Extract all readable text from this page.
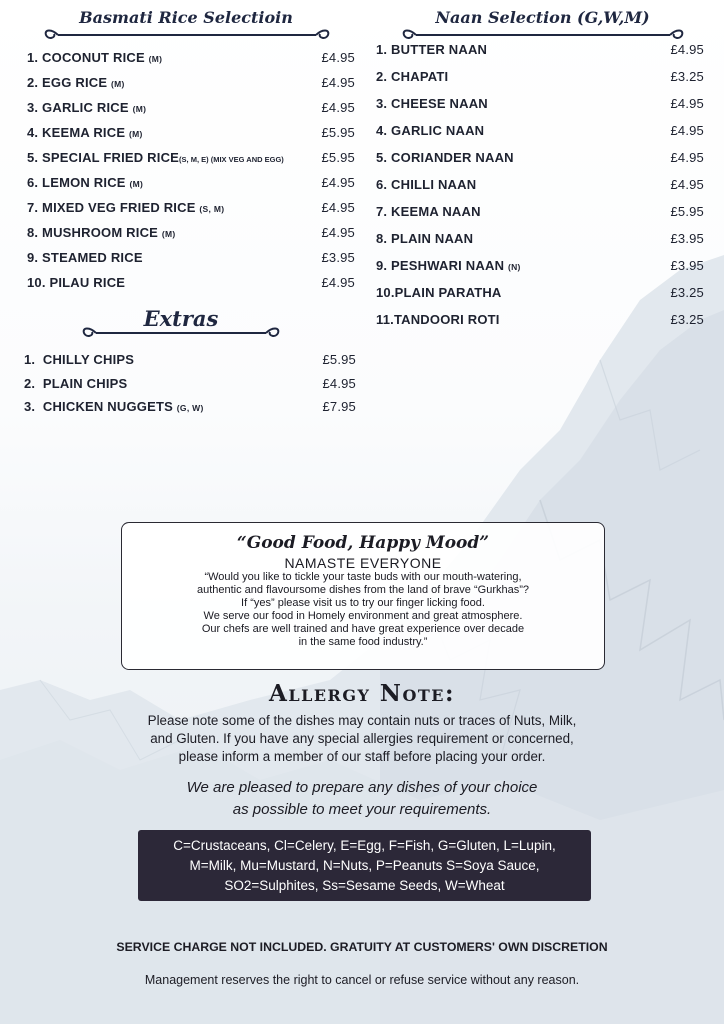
Basmati Rice Selectioin
1. COCONUT RICE (M)	£4.95
2. EGG RICE (M)	£4.95
3. GARLIC RICE (M)	£4.95
4. KEEMA RICE (M)	£5.95
5. SPECIAL FRIED RICE(S, M, E) (MIX VEG AND EGG)	£5.95
6. LEMON RICE (M)	£4.95
7. MIXED VEG FRIED RICE (S, M)	£4.95
8. MUSHROOM RICE (M)	£4.95
9. STEAMED RICE	£3.95
10. PILAU RICE	£4.95
Extras
1.  CHILLY CHIPS	£5.95
2.  PLAIN CHIPS	£4.95
3.  CHICKEN NUGGETS (G, W)	£7.95
Naan Selection (G,W,M)
1. BUTTER NAAN	£4.95
2. CHAPATI	£3.25
3. CHEESE NAAN	£4.95
4. GARLIC NAAN	£4.95
5. CORIANDER NAAN	£4.95
6. CHILLI NAAN	£4.95
7. KEEMA NAAN	£5.95
8. PLAIN NAAN	£3.95
9. PESHWARI NAAN (N)	£3.95
10.PLAIN PARATHA	£3.25
11.TANDOORI ROTI	£3.25
“Good Food, Happy Mood”
NAMASTE EVERYONE
“Would you like to tickle your taste buds with our mouth-watering,
authentic and flavoursome dishes from the land of brave “Gurkhas”?
If “yes” please visit us to try our finger licking food.
We serve our food in Homely environment and great atmosphere.
Our chefs are well trained and have great experience over decade
in the same food industry.”
Allergy Note:
Please note some of the dishes may contain nuts or traces of Nuts, Milk,
and Gluten. If you have any special allergies requirement or concerned,
please inform a member of our staff before placing your order.
We are pleased to prepare any dishes of your choice
as possible to meet your requirements.
C=Crustaceans, Cl=Celery, E=Egg, F=Fish, G=Gluten, L=Lupin,
M=Milk, Mu=Mustard, N=Nuts, P=Peanuts S=Soya Sauce,
SO2=Sulphites, Ss=Sesame Seeds, W=Wheat
SERVICE CHARGE NOT INCLUDED. GRATUITY AT CUSTOMERS' OWN DISCRETION
Management reserves the right to cancel or refuse service without any reason.
